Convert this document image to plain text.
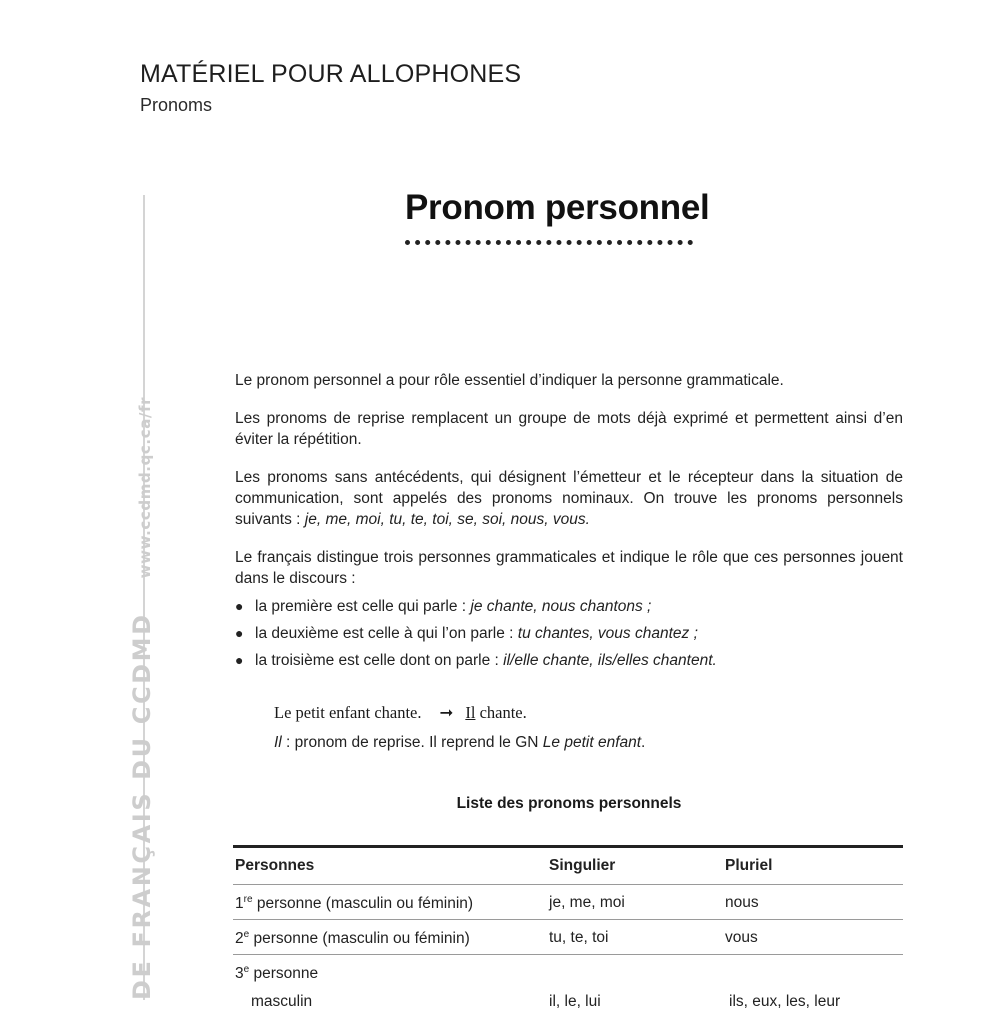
MATÉRIEL POUR ALLOPHONES
Pronoms
DE FRANÇAIS DU CCDMD
www.ccdmd.qc.ca/fr
Pronom personnel

Le pronom personnel a pour rôle essentiel d’indiquer la personne grammaticale.

Les pronoms de reprise remplacent un groupe de mots déjà exprimé et permettent ainsi d’en éviter la répétition.

Les pronoms sans antécédents, qui désignent l’émetteur et le récepteur dans la situation de communication, sont appelés des pronoms nominaux. On trouve les pronoms personnels suivants : je, me, moi, tu, te, toi, se, soi, nous, vous.

Le français distingue trois personnes grammaticales et indique le rôle que ces personnes jouent dans le discours :

● la première est celle qui parle : je chante, nous chantons ;
● la deuxième est celle à qui l’on parle : tu chantes, vous chantez ;
● la troisième est celle dont on parle : il/elle chante, ils/elles chantent.
Le petit enfant chante. ➞ Il chante.
Il : pronom de reprise. Il reprend le GN Le petit enfant.
Liste des pronoms personnels
Personnes	Singulier	Pluriel
1re personne (masculin ou féminin)	je, me, moi	nous
2e personne (masculin ou féminin)	tu, te, toi	vous
3e personne
masculin	il, le, lui	ils, eux, les, leur
